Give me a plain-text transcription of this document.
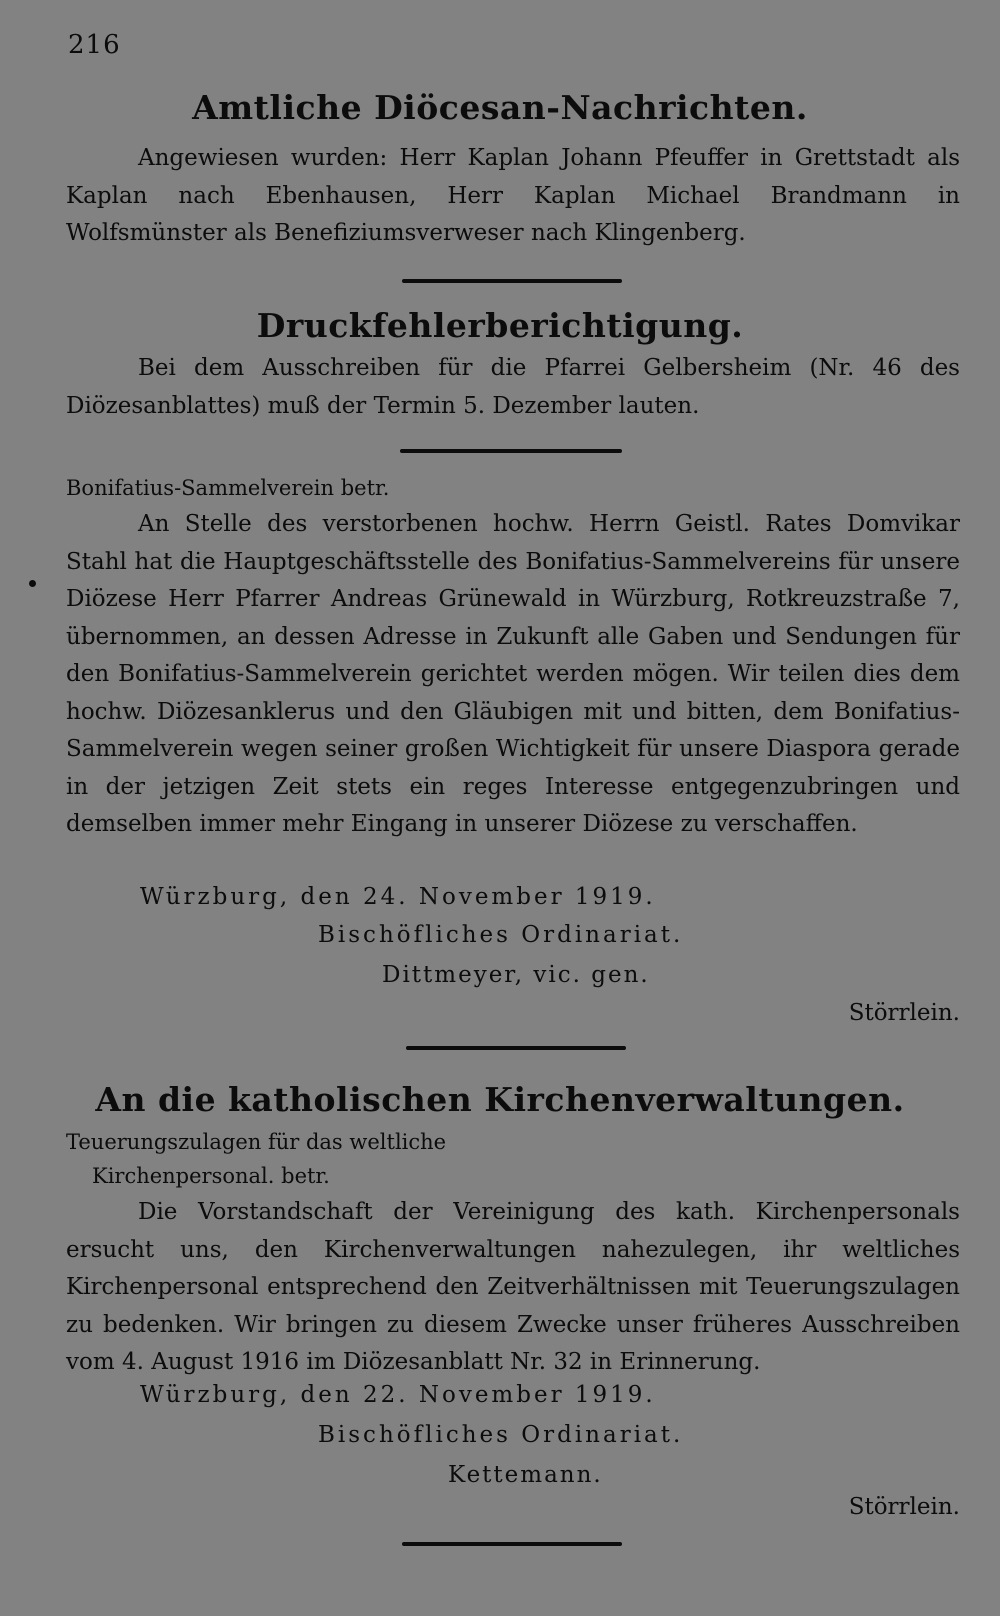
216
Amtliche Diöcesan-Nachrichten.
Angewiesen wurden: Herr Kaplan Johann Pfeuffer in Grettstadt als Kaplan nach Ebenhausen, Herr Kaplan Michael Brandmann in Wolfsmünster als Benefiziumsverweser nach Klingenberg.
Druckfehlerberichtigung.
Bei dem Ausschreiben für die Pfarrei Gelbersheim (Nr. 46 des Diözesanblattes) muß der Termin 5. Dezember lauten.
Bonifatius-Sammelverein betr.
An Stelle des verstorbenen hochw. Herrn Geistl. Rates Domvikar Stahl hat die Hauptgeschäftsstelle des Bonifatius-Sammelvereins für unsere Diözese Herr Pfarrer Andreas Grünewald in Würzburg, Rotkreuzstraße 7, übernommen, an dessen Adresse in Zukunft alle Gaben und Sendungen für den Bonifatius-Sammelverein gerichtet werden mögen. Wir teilen dies dem hochw. Diözesanklerus und den Gläubigen mit und bitten, dem Bonifatius-Sammelverein wegen seiner großen Wichtigkeit für unsere Diaspora gerade in der jetzigen Zeit stets ein reges Interesse entgegenzubringen und demselben immer mehr Eingang in unserer Diözese zu verschaffen.
Würzburg, den 24. November 1919.
Bischöfliches Ordinariat.
Dittmeyer, vic. gen.
Störrlein.
An die katholischen Kirchenverwaltungen.
Teuerungszulagen für das weltliche
Kirchenpersonal. betr.
Die Vorstandschaft der Vereinigung des kath. Kirchenpersonals ersucht uns, den Kirchenverwaltungen nahezulegen, ihr weltliches Kirchenpersonal entsprechend den Zeitverhältnissen mit Teuerungszulagen zu bedenken. Wir bringen zu diesem Zwecke unser früheres Ausschreiben vom 4. August 1916 im Diözesanblatt Nr. 32 in Erinnerung.
Würzburg, den 22. November 1919.
Bischöfliches Ordinariat.
Kettemann.
Störrlein.
